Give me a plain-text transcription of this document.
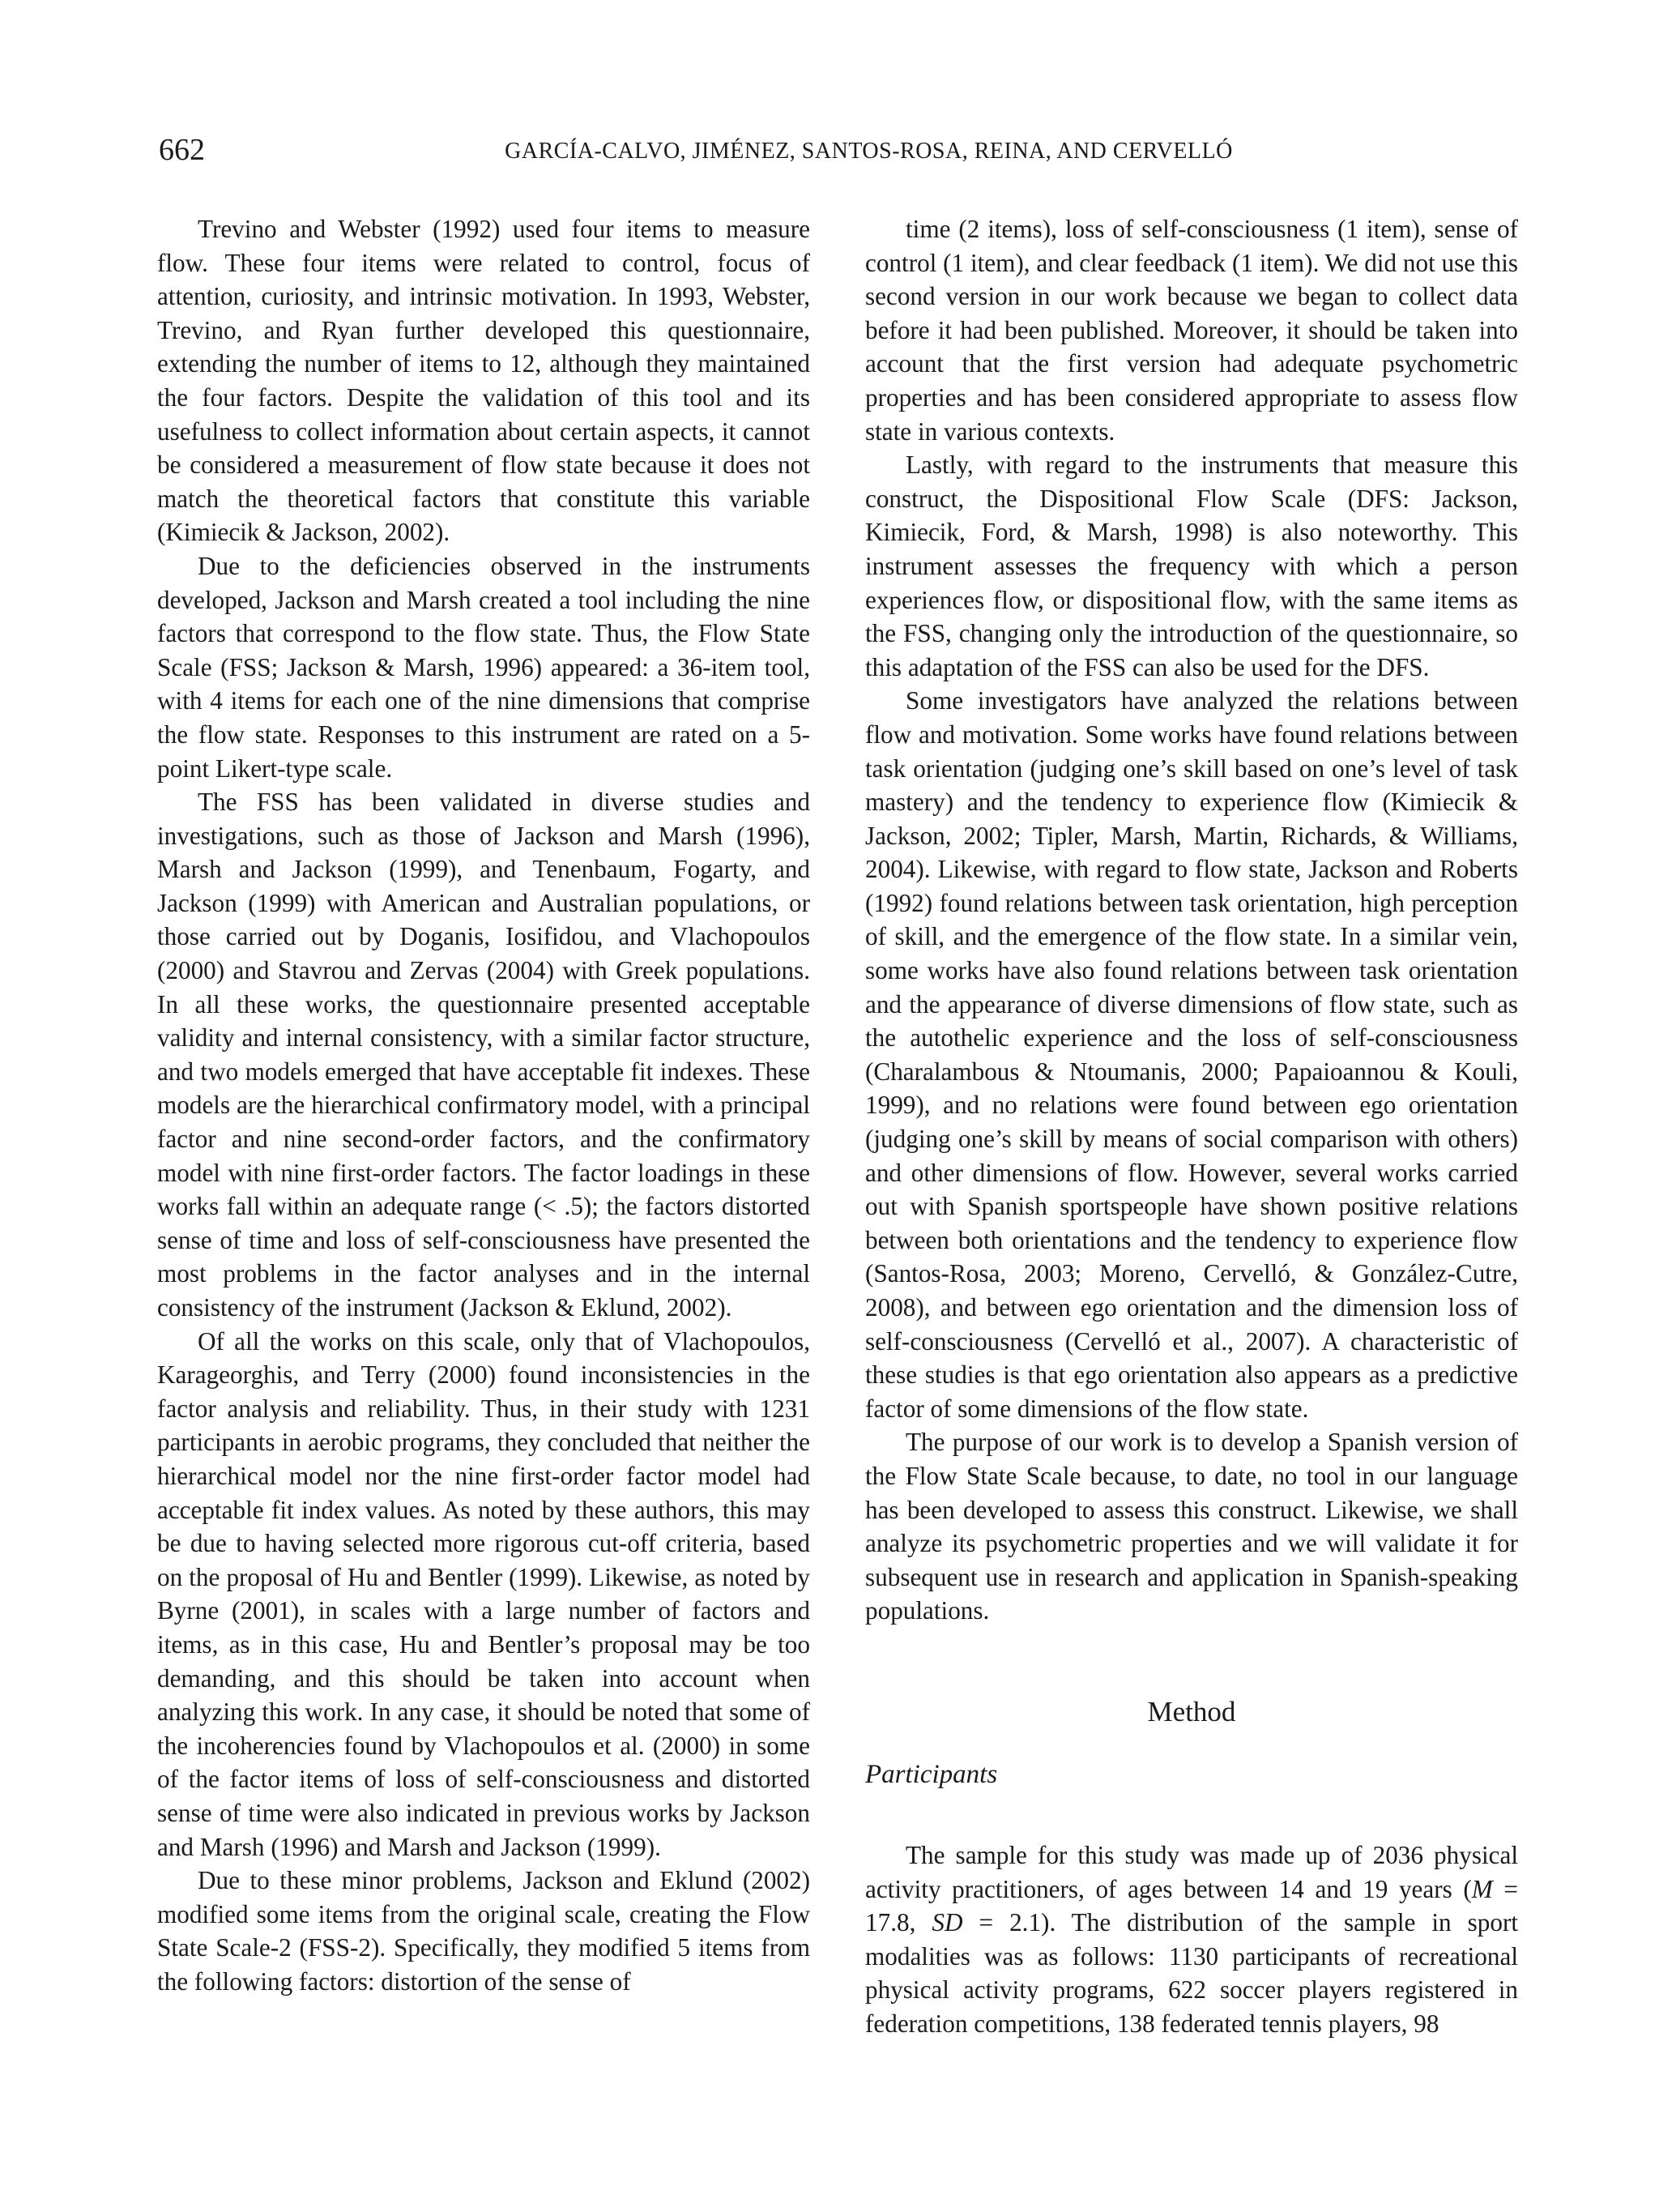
662	GARCÍA-CALVO, JIMÉNEZ, SANTOS-ROSA, REINA, AND CERVELLÓ

Trevino and Webster (1992) used four items to measure flow. These four items were related to control, focus of attention, curiosity, and intrinsic motivation. In 1993, Webster, Trevino, and Ryan further developed this questionnaire, extending the number of items to 12, although they maintained the four factors. Despite the validation of this tool and its usefulness to collect information about certain aspects, it cannot be considered a measurement of flow state because it does not match the theoretical factors that constitute this variable (Kimiecik & Jackson, 2002).

Due to the deficiencies observed in the instruments developed, Jackson and Marsh created a tool including the nine factors that correspond to the flow state. Thus, the Flow State Scale (FSS; Jackson & Marsh, 1996) appeared: a 36-item tool, with 4 items for each one of the nine dimensions that comprise the flow state. Responses to this instrument are rated on a 5-point Likert-type scale.

The FSS has been validated in diverse studies and investigations, such as those of Jackson and Marsh (1996), Marsh and Jackson (1999), and Tenenbaum, Fogarty, and Jackson (1999) with American and Australian populations, or those carried out by Doganis, Iosifidou, and Vlachopoulos (2000) and Stavrou and Zervas (2004) with Greek populations. In all these works, the questionnaire presented acceptable validity and internal consistency, with a similar factor structure, and two models emerged that have acceptable fit indexes. These models are the hierarchical confirmatory model, with a principal factor and nine second-order factors, and the confirmatory model with nine first-order factors. The factor loadings in these works fall within an adequate range (< .5); the factors distorted sense of time and loss of self-consciousness have presented the most problems in the factor analyses and in the internal consistency of the instrument (Jackson & Eklund, 2002).

Of all the works on this scale, only that of Vlachopoulos, Karageorghis, and Terry (2000) found inconsistencies in the factor analysis and reliability. Thus, in their study with 1231 participants in aerobic programs, they concluded that neither the hierarchical model nor the nine first-order factor model had acceptable fit index values. As noted by these authors, this may be due to having selected more rigorous cut-off criteria, based on the proposal of Hu and Bentler (1999). Likewise, as noted by Byrne (2001), in scales with a large number of factors and items, as in this case, Hu and Bentler’s proposal may be too demanding, and this should be taken into account when analyzing this work. In any case, it should be noted that some of the incoherencies found by Vlachopoulos et al. (2000) in some of the factor items of loss of self-consciousness and distorted sense of time were also indicated in previous works by Jackson and Marsh (1996) and Marsh and Jackson (1999).

Due to these minor problems, Jackson and Eklund (2002) modified some items from the original scale, creating the Flow State Scale-2 (FSS-2). Specifically, they modified 5 items from the following factors: distortion of the sense of

time (2 items), loss of self-consciousness (1 item), sense of control (1 item), and clear feedback (1 item). We did not use this second version in our work because we began to collect data before it had been published. Moreover, it should be taken into account that the first version had adequate psychometric properties and has been considered appropriate to assess flow state in various contexts.

Lastly, with regard to the instruments that measure this construct, the Dispositional Flow Scale (DFS: Jackson, Kimiecik, Ford, & Marsh, 1998) is also noteworthy. This instrument assesses the frequency with which a person experiences flow, or dispositional flow, with the same items as the FSS, changing only the introduction of the questionnaire, so this adaptation of the FSS can also be used for the DFS.

Some investigators have analyzed the relations between flow and motivation. Some works have found relations between task orientation (judging one’s skill based on one’s level of task mastery) and the tendency to experience flow (Kimiecik & Jackson, 2002; Tipler, Marsh, Martin, Richards, & Williams, 2004). Likewise, with regard to flow state, Jackson and Roberts (1992) found relations between task orientation, high perception of skill, and the emergence of the flow state. In a similar vein, some works have also found relations between task orientation and the appearance of diverse dimensions of flow state, such as the autothelic experience and the loss of self-consciousness (Charalambous & Ntoumanis, 2000; Papaioannou & Kouli, 1999), and no relations were found between ego orientation (judging one’s skill by means of social comparison with others) and other dimensions of flow. However, several works carried out with Spanish sportspeople have shown positive relations between both orientations and the tendency to experience flow (Santos-Rosa, 2003; Moreno, Cervelló, & González-Cutre, 2008), and between ego orientation and the dimension loss of self-consciousness (Cervelló et al., 2007). A characteristic of these studies is that ego orientation also appears as a predictive factor of some dimensions of the flow state.

The purpose of our work is to develop a Spanish version of the Flow State Scale because, to date, no tool in our language has been developed to assess this construct. Likewise, we shall analyze its psychometric properties and we will validate it for subsequent use in research and application in Spanish-speaking populations.

Method
Participants

The sample for this study was made up of 2036 physical activity practitioners, of ages between 14 and 19 years (M = 17.8, SD = 2.1). The distribution of the sample in sport modalities was as follows: 1130 participants of recreational physical activity programs, 622 soccer players registered in federation competitions, 138 federated tennis players, 98
